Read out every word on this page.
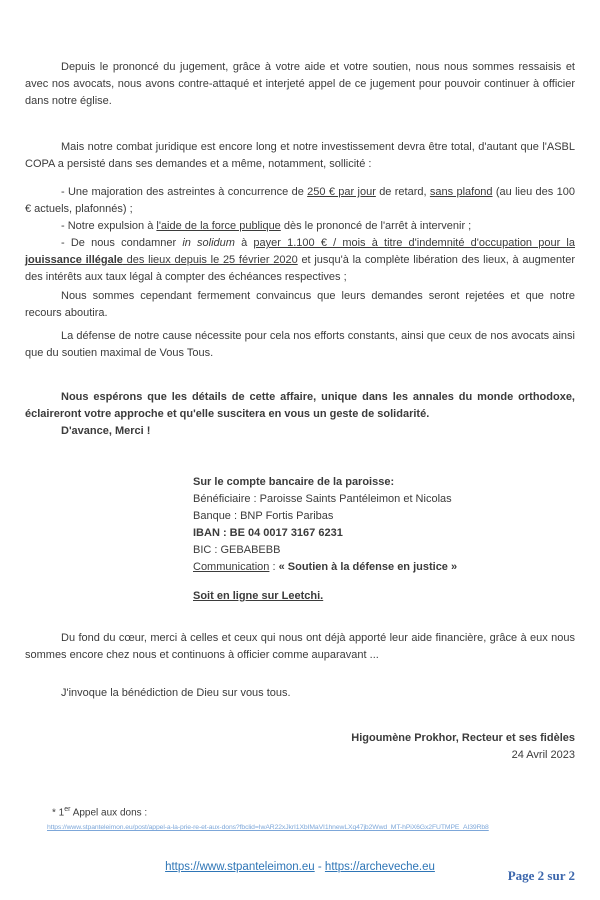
Depuis le prononcé du jugement, grâce à votre aide et votre soutien, nous nous sommes ressaisis et avec nos avocats, nous avons contre-attaqué et interjeté appel de ce jugement pour pouvoir continuer à officier dans notre église.

Mais notre combat juridique est encore long et notre investissement devra être total, d'autant que l'ASBL COPA a persisté dans ses demandes et a même, notamment, sollicité :

- Une majoration des astreintes à concurrence de 250 € par jour de retard, sans plafond (au lieu des 100 € actuels, plafonnés) ;

- Notre expulsion à l'aide de la force publique dès le prononcé de l'arrêt à intervenir ;

- De nous condamner in solidum à payer 1.100 € / mois à titre d'indemnité d'occupation pour la jouissance illégale des lieux depuis le 25 février 2020 et jusqu'à la complète libération des lieux, à augmenter des intérêts aux taux légal à compter des échéances respectives ;

Nous sommes cependant fermement convaincus que leurs demandes seront rejetées et que notre recours aboutira.

La défense de notre cause nécessite pour cela nos efforts constants, ainsi que ceux de nos avocats ainsi que du soutien maximal de Vous Tous.

Nous espérons que les détails de cette affaire, unique dans les annales du monde orthodoxe, éclaireront votre approche et qu'elle suscitera en vous un geste de solidarité.

D'avance, Merci !

Sur le compte bancaire de la paroisse:

Bénéficiaire : Paroisse Saints Pantéleimon et Nicolas

Banque : BNP Fortis Paribas

IBAN : BE 04 0017 3167 6231

BIC : GEBABEBB

Communication : « Soutien à la défense en justice »

Soit en ligne sur Leetchi.

Du fond du cœur, merci à celles et ceux qui nous ont déjà apporté leur aide financière, grâce à eux nous sommes encore chez nous et continuons à officier comme auparavant ...

J'invoque la bénédiction de Dieu sur vous tous.

Higoumène Prokhor, Recteur et ses fidèles

24 Avril 2023

* 1er Appel aux dons :
https://www.stpanteleimon.eu/post/appel-a-la-prie-re-et-aux-dons?fbclid=IwAR22xJkrI1XbIMaVI1hnewLXq47jb2Wwd_MT-hPiX6Gx2FUTMPE_AI39Rb8
https://www.stpanteleimon.eu - https://archeveche.eu
Page 2 sur 2
